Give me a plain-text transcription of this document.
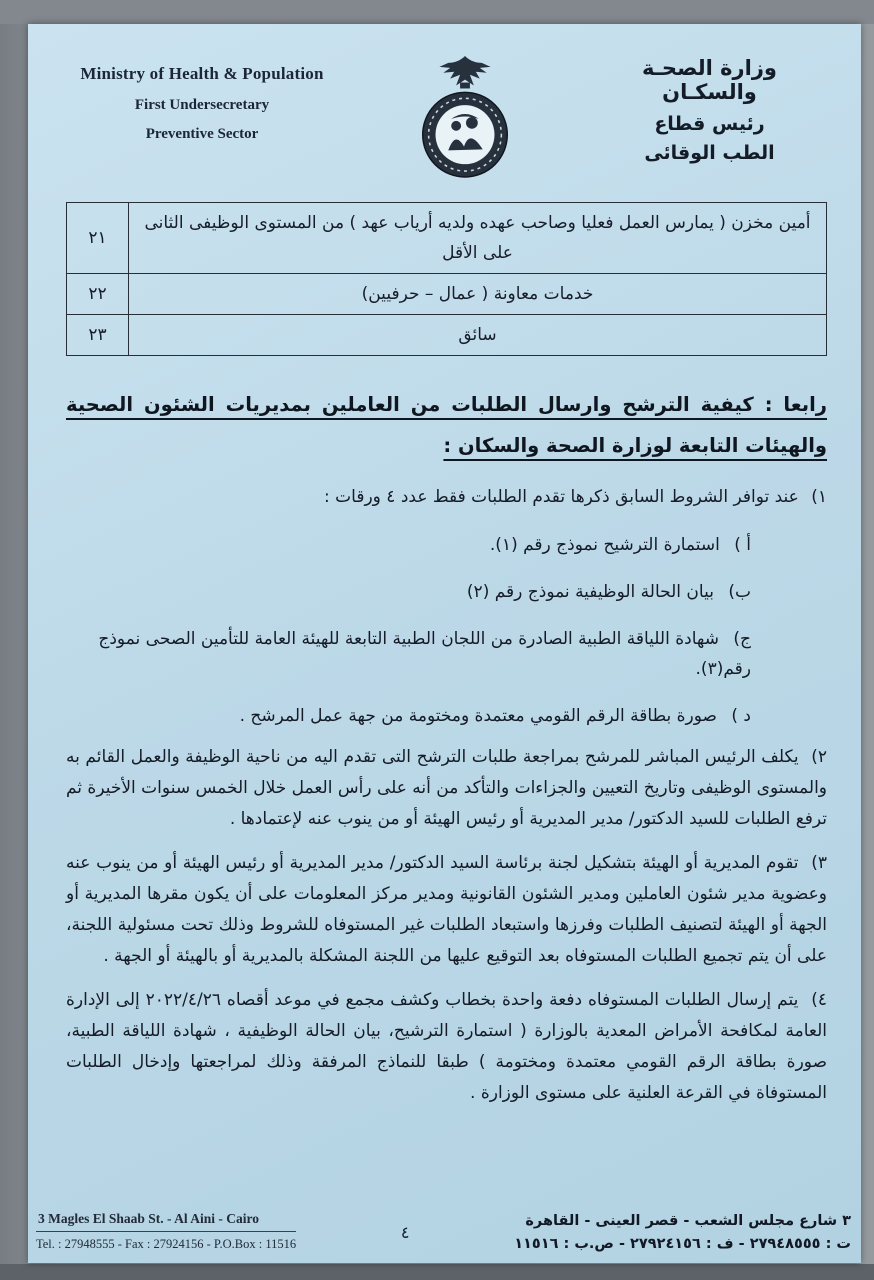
Ministry of Health & Population
First Undersecretary
Preventive Sector
وزارة الصحـة والسكـان
رئيس قطاع
الطب الوقائى
أمين مخزن ( يمارس العمل فعليا وصاحب عهده ولديه أرياب عهد ) من المستوى الوظيفى الثانى على الأقل	٢١
خدمات معاونة ( عمال – حرفيين)	٢٢
سائق	٢٣
رابعا : كيفية الترشح وارسال الطلبات من العاملين بمديريات الشئون الصحية والهيئات التابعة لوزارة الصحة والسكان :

١) عند توافر الشروط السابق ذكرها تقدم الطلبات فقط عدد ٤ ورقات :

أ ) استمارة الترشيح نموذج رقم (١).

ب) بيان الحالة الوظيفية نموذج رقم (٢)

ج) شهادة اللياقة الطبية الصادرة من اللجان الطبية التابعة للهيئة العامة للتأمين الصحى نموذج رقم(٣).

د ) صورة بطاقة الرقم القومي معتمدة ومختومة من جهة عمل المرشح .

٢) يكلف الرئيس المباشر للمرشح بمراجعة طلبات الترشح التى تقدم اليه من ناحية الوظيفة والعمل القائم به والمستوى الوظيفى وتاريخ التعيين والجزاءات والتأكد من أنه على رأس العمل خلال الخمس سنوات الأخيرة ثم ترفع الطلبات للسيد الدكتور/ مدير المديرية أو رئيس الهيئة أو من ينوب عنه لإعتمادها .

٣) تقوم المديرية أو الهيئة بتشكيل لجنة برئاسة السيد الدكتور/ مدير المديرية أو رئيس الهيئة أو من ينوب عنه وعضوية مدير شئون العاملين ومدير الشئون القانونية ومدير مركز المعلومات على أن يكون مقرها المديرية أو الجهة أو الهيئة لتصنيف الطلبات وفرزها واستبعاد الطلبات غير المستوفاه للشروط وذلك تحت مسئولية اللجنة، على أن يتم تجميع الطلبات المستوفاه بعد التوقيع عليها من اللجنة المشكلة بالمديرية أو بالهيئة أو الجهة .

٤) يتم إرسال الطلبات المستوفاه دفعة واحدة بخطاب وكشف مجمع في موعد أقصاه ٢٠٢٢/٤/٢٦ إلى الإدارة العامة لمكافحة الأمراض المعدية بالوزارة ( استمارة الترشيح، بيان الحالة الوظيفية ، شهادة اللياقة الطبية، صورة بطاقة الرقم القومي معتمدة ومختومة ) طبقا للنماذج المرفقة وذلك لمراجعتها وإدخال الطلبات المستوفاة في القرعة العلنية على مستوى الوزارة .

3 Magles El Shaab St. - Al Aini - Cairo
Tel. : 27948555 - Fax : 27924156 - P.O.Box : 11516
٤
٣ شارع مجلس الشعب - قصر العينى - القاهرة
ت : ٢٧٩٤٨٥٥٥ - ف : ٢٧٩٢٤١٥٦ - ص.ب : ١١٥١٦
